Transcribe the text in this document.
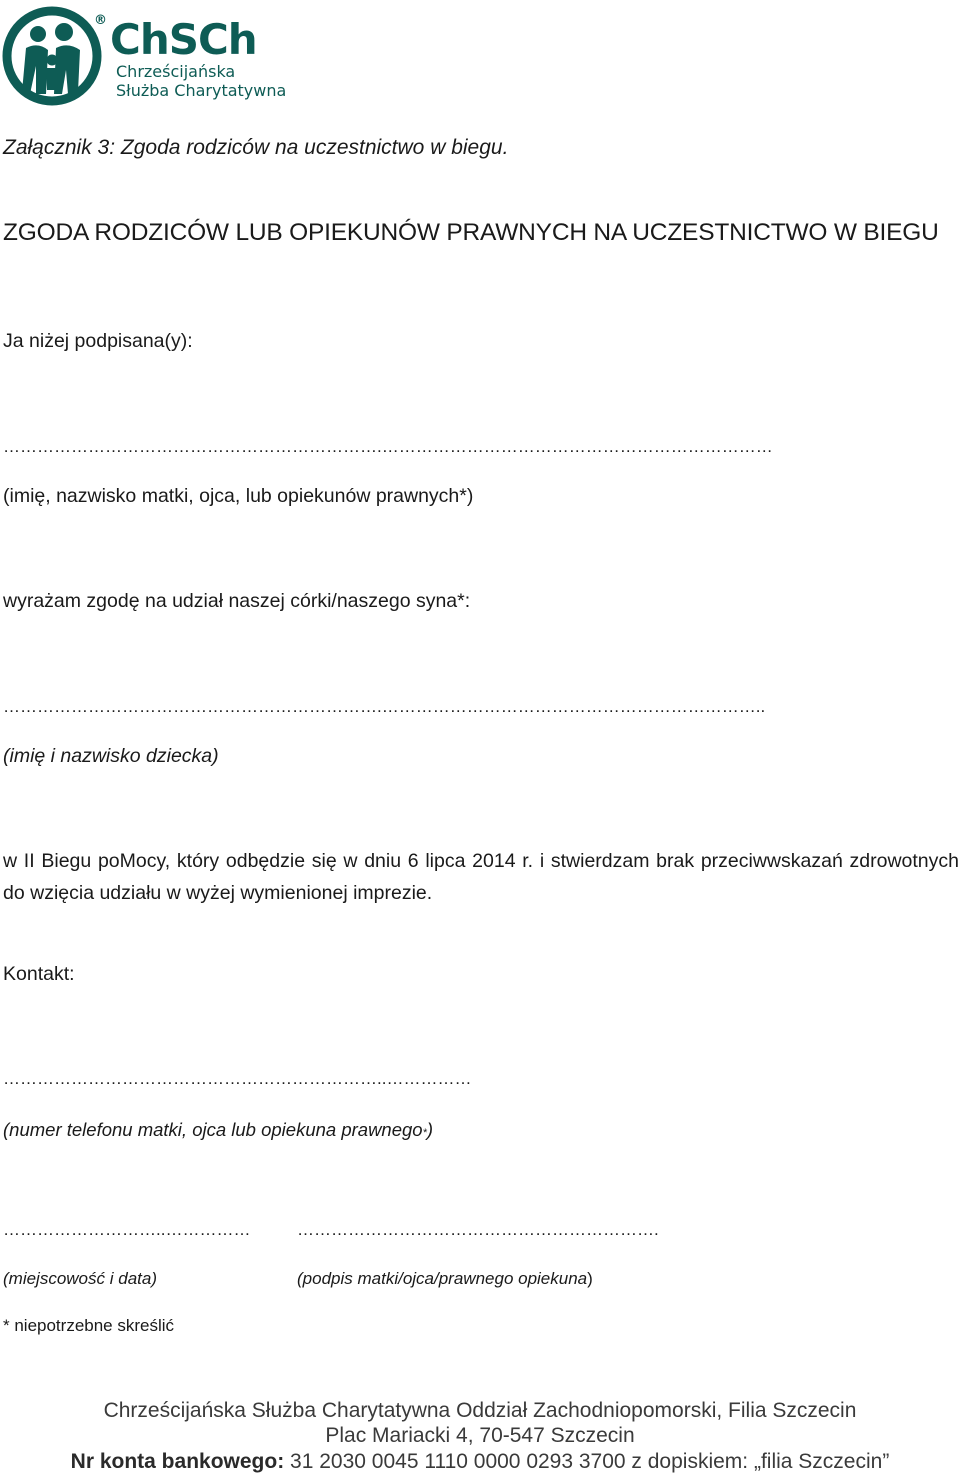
® ChSCh
Chrześcijańska
Służba Charytatywna
Załącznik 3: Zgoda rodziców na uczestnictwo w biegu.
ZGODA RODZICÓW LUB OPIEKUNÓW PRAWNYCH NA UCZESTNICTWO W BIEGU
Ja niżej podpisana(y):
………………………………………………………….……………………………………………………………
(imię, nazwisko matki, ojca, lub opiekunów prawnych*)
wyrażam zgodę na udział naszej córki/naszego syna*:
………………………………………………………….…………………………………………………………..
(imię i nazwisko dziecka)
w II Biegu poMocy, który odbędzie się w dniu 6 lipca 2014 r. i stwierdzam brak przeciwwskazań zdrowotnych do wzięcia udziału w wyżej wymienionej imprezie.
Kontakt:
…………………………………………………………..……………
(numer telefonu matki, ojca lub opiekuna prawnego*)
………………………..……………	……………………………………………………….
(miejscowość i data)	(podpis matki/ojca/prawnego opiekuna)
* niepotrzebne skreślić
Chrześcijańska Służba Charytatywna Oddział Zachodniopomorski, Filia Szczecin
Plac Mariacki 4, 70-547 Szczecin
Nr konta bankowego: 31 2030 0045 1110 0000 0293 3700 z dopiskiem: „filia Szczecin”
